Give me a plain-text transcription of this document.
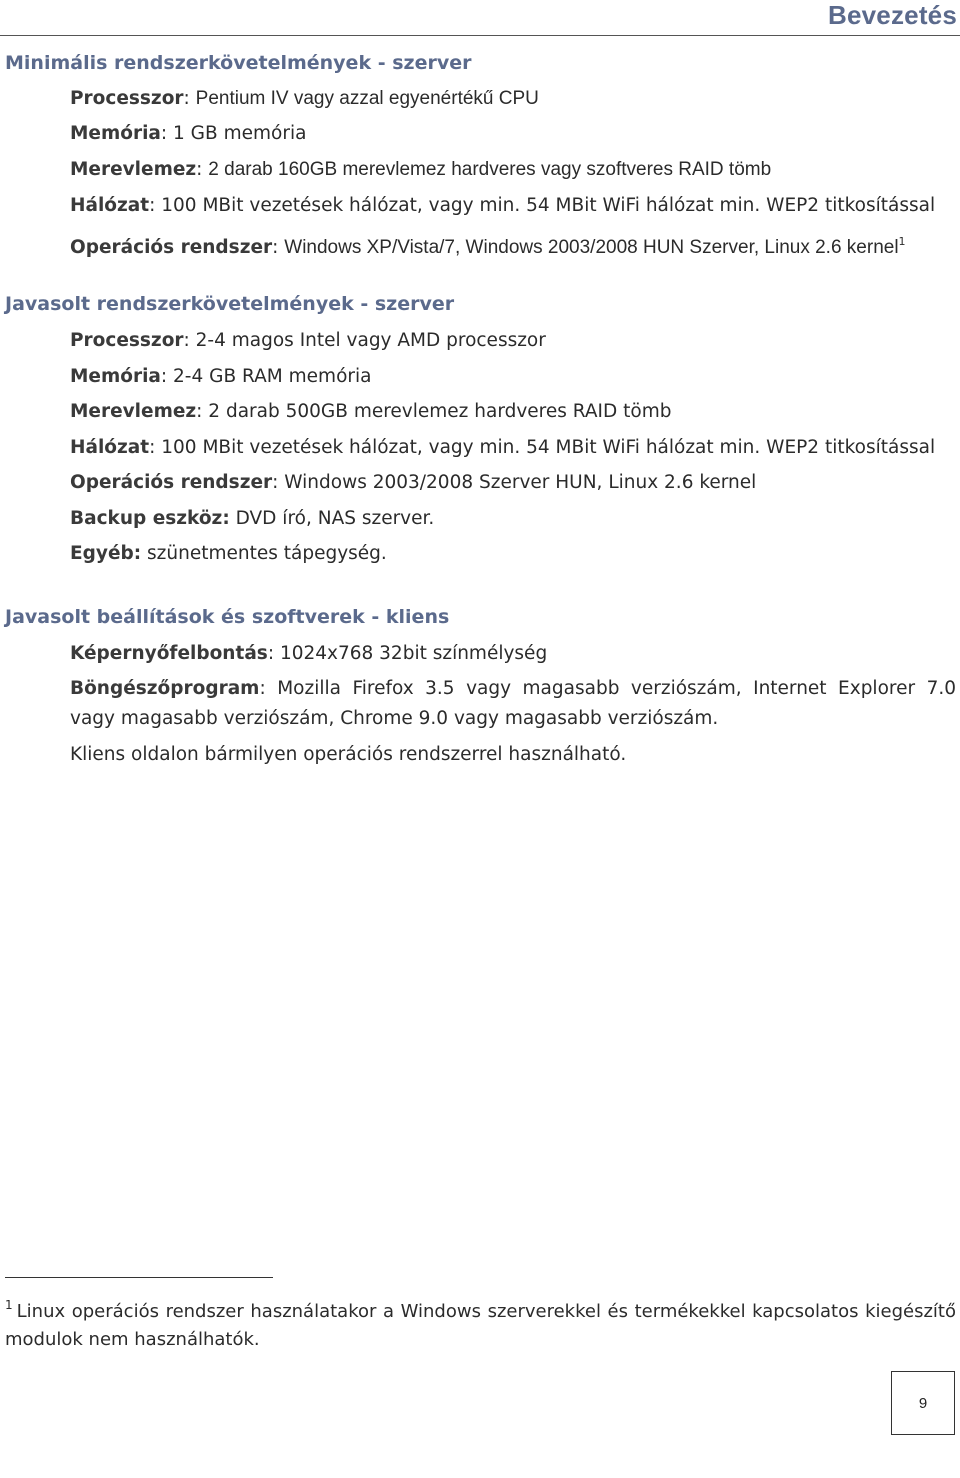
Bevezetés
Minimális rendszerkövetelmények - szerver
Processzor: Pentium IV vagy azzal egyenértékű CPU
Memória: 1 GB memória
Merevlemez: 2 darab 160GB merevlemez hardveres vagy szoftveres RAID tömb
Hálózat: 100 MBit vezetések hálózat, vagy min. 54 MBit WiFi hálózat min. WEP2 titkosítással
Operációs rendszer: Windows XP/Vista/7, Windows 2003/2008 HUN Szerver, Linux 2.6 kernel$^1$
Javasolt rendszerkövetelmények - szerver
Processzor: 2-4 magos Intel vagy AMD processzor
Memória: 2-4 GB RAM memória
Merevlemez: 2 darab 500GB merevlemez hardveres RAID tömb
Hálózat: 100 MBit vezetések hálózat, vagy min. 54 MBit WiFi hálózat min. WEP2 titkosítással
Operációs rendszer: Windows 2003/2008 Szerver HUN, Linux 2.6 kernel
Backup eszköz: DVD író, NAS szerver.
Egyéb: szünetmentes tápegység.
Javasolt beállítások és szoftverek - kliens
Képernyőfelbontás: 1024x768 32bit színmélység
Böngészőprogram: Mozilla Firefox 3.5 vagy magasabb verziószám, Internet Explorer 7.0 vagy magasabb verziószám, Chrome 9.0 vagy magasabb verziószám.
Kliens oldalon bármilyen operációs rendszerrel használható.
$^1$ Linux operációs rendszer használatakor a Windows szerverekkel és termékekkel kapcsolatos kiegészítő modulok nem használhatók.
9
